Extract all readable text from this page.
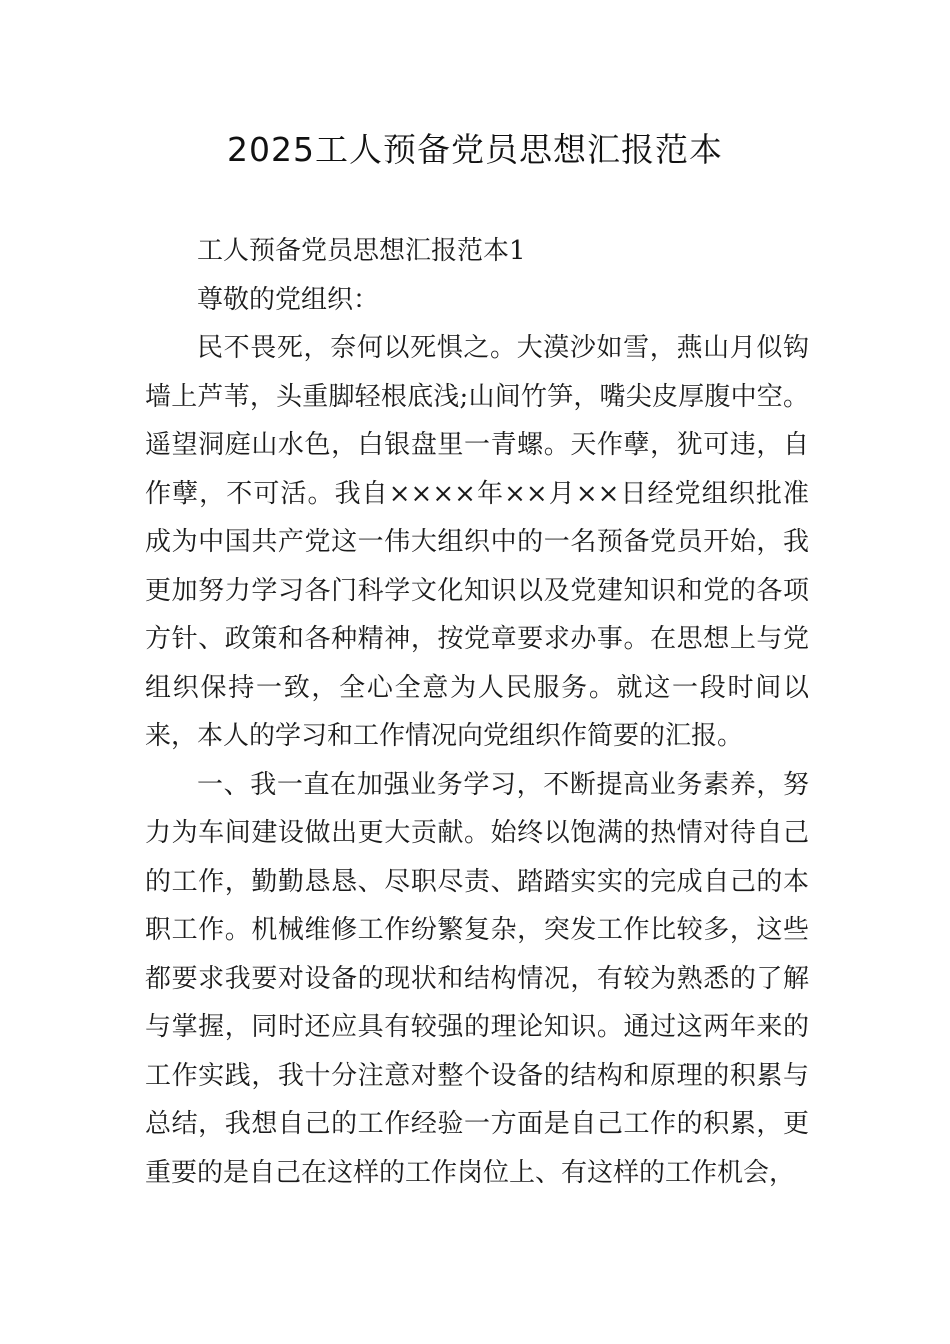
2025工人预备党员思想汇报范本

工人预备党员思想汇报范本1

尊敬的党组织：

民不畏死，奈何以死惧之。大漠沙如雪，燕山月似钩墙上芦苇，头重脚轻根底浅;山间竹笋，嘴尖皮厚腹中空。遥望洞庭山水色，白银盘里一青螺。天作孽，犹可违，自作孽，不可活。我自××××年××月××日经党组织批准成为中国共产党这一伟大组织中的一名预备党员开始，我更加努力学习各门科学文化知识以及党建知识和党的各项方针、政策和各种精神，按党章要求办事。在思想上与党组织保持一致，全心全意为人民服务。就这一段时间以来，本人的学习和工作情况向党组织作简要的汇报。

一、我一直在加强业务学习，不断提高业务素养，努力为车间建设做出更大贡献。始终以饱满的热情对待自己的工作，勤勤恳恳、尽职尽责、踏踏实实的完成自己的本职工作。机械维修工作纷繁复杂，突发工作比较多，这些都要求我要对设备的现状和结构情况，有较为熟悉的了解与掌握，同时还应具有较强的理论知识。通过这两年来的工作实践，我十分注意对整个设备的结构和原理的积累与总结，我想自己的工作经验一方面是自己工作的积累，更重要的是自己在这样的工作岗位上、有这样的工作机会，
